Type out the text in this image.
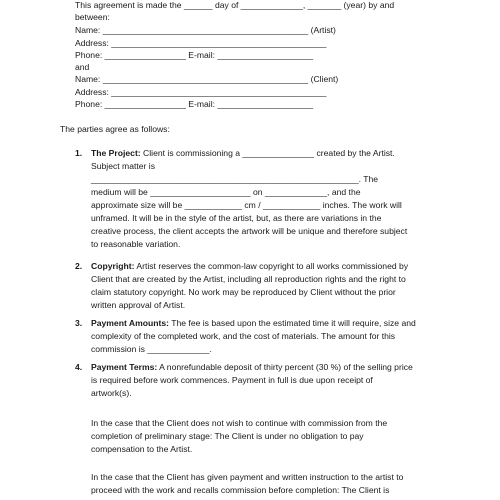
This agreement is made the ______ day of _____________, _______ (year) by and
between:
Name: ___________________________________________ (Artist)
Address: _____________________________________________
Phone: _________________ E-mail: ____________________
and
Name: ___________________________________________ (Client)
Address: _____________________________________________
Phone: _________________ E-mail: ____________________
The parties agree as follows:
1. The Project: Client is commissioning a _______________ created by the Artist.
Subject matter is
________________________________________________________. The
medium will be _____________________ on _____________, and the
approximate size will be ____________ cm / ____________ inches. The work will
unframed. It will be in the style of the artist, but, as there are variations in the
creative process, the client accepts the artwork will be unique and therefore subject
to reasonable variation.
2. Copyright: Artist reserves the common-law copyright to all works commissioned by
Client that are created by the Artist, including all reproduction rights and the right to
claim statutory copyright. No work may be reproduced by Client without the prior
written approval of Artist.
3. Payment Amounts: The fee is based upon the estimated time it will require, size and
complexity of the completed work, and the cost of materials. The amount for this
commission is _____________.
4. Payment Terms: A nonrefundable deposit of thirty percent (30 %) of the selling price
is required before work commences. Payment in full is due upon receipt of
artwork(s).
In the case that the Client does not wish to continue with commission from the
completion of preliminary stage: The Client is under no obligation to pay
compensation to the Artist.
In the case that the Client has given payment and written instruction to the artist to
proceed with the work and recalls commission before completion: The Client is
